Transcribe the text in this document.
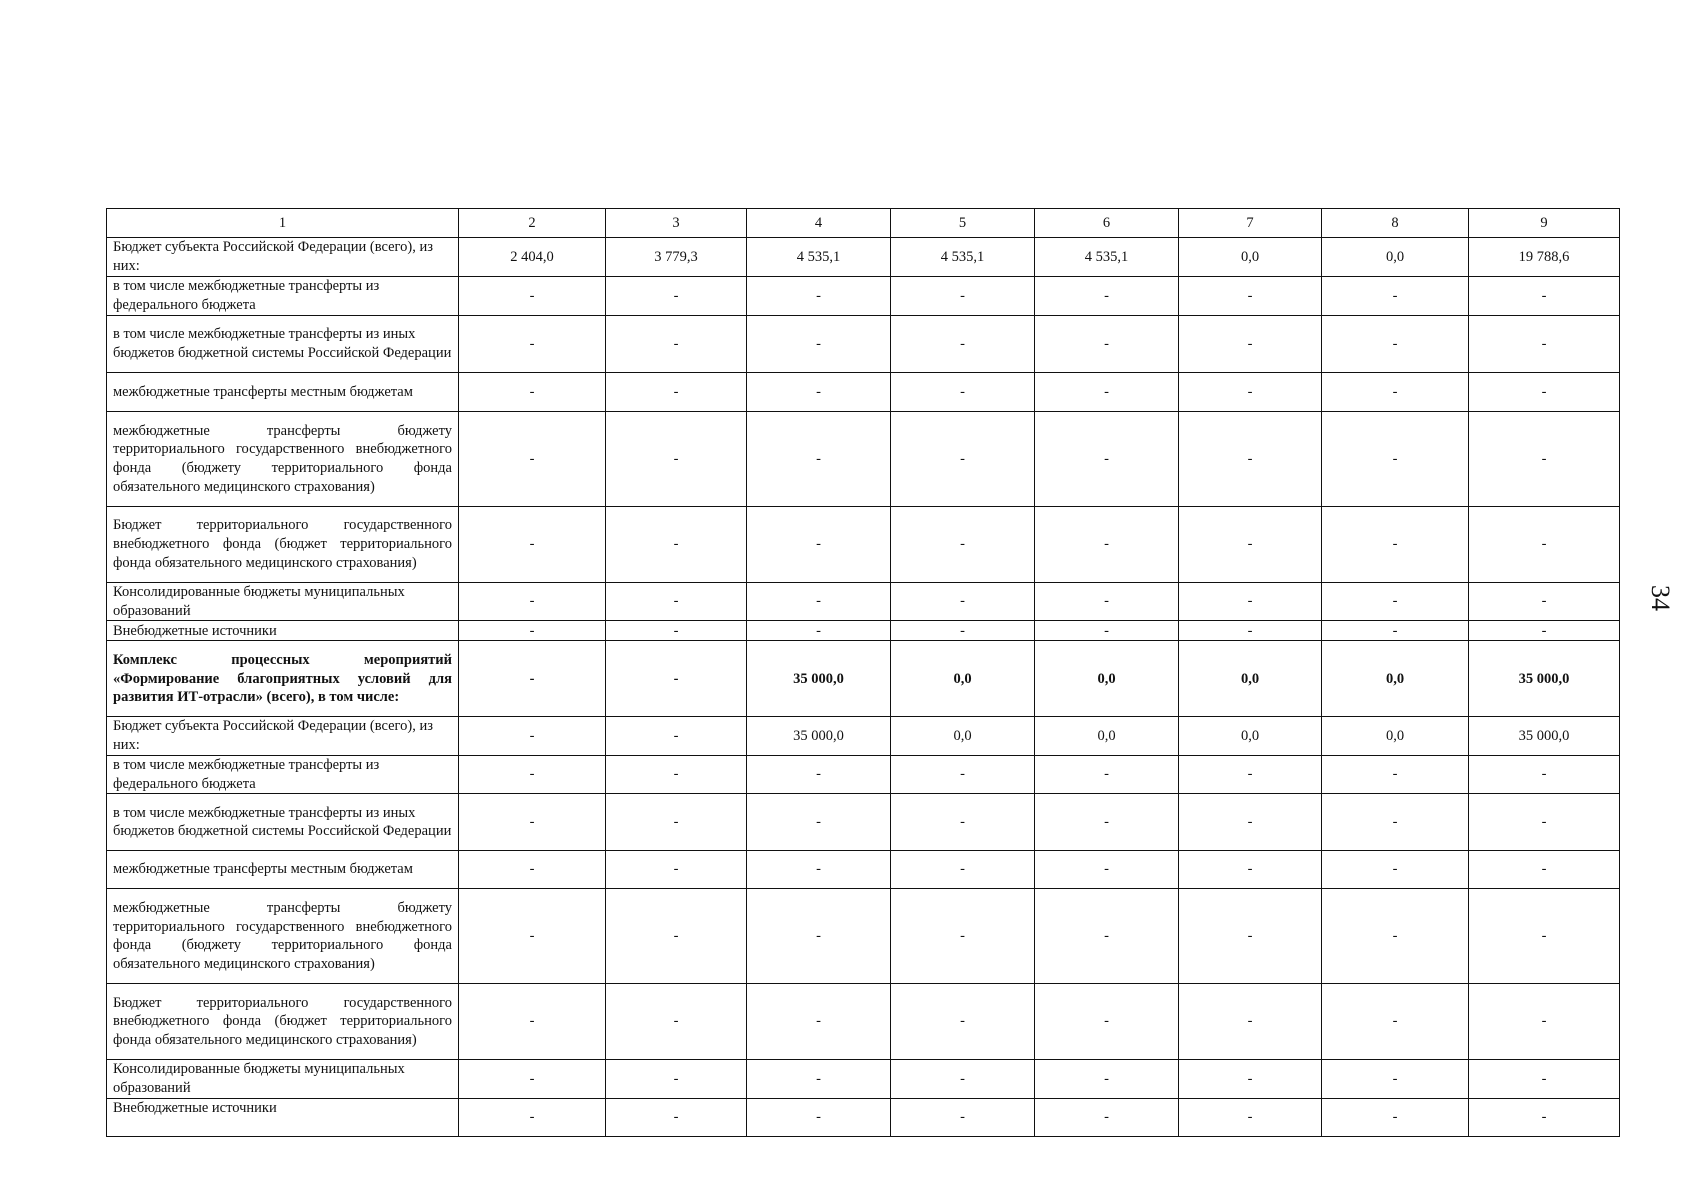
1	2	3	4	5	6	7	8	9
Бюджет субъекта Российской Федерации (всего), из них:	2 404,0	3 779,3	4 535,1	4 535,1	4 535,1	0,0	0,0	19 788,6
в том числе межбюджетные трансферты из федерального бюджета	-	-	-	-	-	-	-	-
в том числе межбюджетные трансферты из иных бюджетов бюджетной системы Российской Федерации	-	-	-	-	-	-	-	-
межбюджетные трансферты местным бюджетам	-	-	-	-	-	-	-	-
межбюджетные трансферты бюджету территориального государственного внебюджетного фонда (бюджету территориального фонда обязательного медицинского страхования)	-	-	-	-	-	-	-	-
Бюджет территориального государственного внебюджетного фонда (бюджет территориального фонда обязательного медицинского страхования)	-	-	-	-	-	-	-	-
Консолидированные бюджеты муниципальных образований	-	-	-	-	-	-	-	-
Внебюджетные источники	-	-	-	-	-	-	-	-
Комплекс процессных мероприятий «Формирование благоприятных условий для развития ИТ-отрасли» (всего), в том числе:	-	-	35 000,0	0,0	0,0	0,0	0,0	35 000,0
Бюджет субъекта Российской Федерации (всего), из них:	-	-	35 000,0	0,0	0,0	0,0	0,0	35 000,0
в том числе межбюджетные трансферты из федерального бюджета	-	-	-	-	-	-	-	-
в том числе межбюджетные трансферты из иных бюджетов бюджетной системы Российской Федерации	-	-	-	-	-	-	-	-
межбюджетные трансферты местным бюджетам	-	-	-	-	-	-	-	-
межбюджетные трансферты бюджету территориального государственного внебюджетного фонда (бюджету территориального фонда обязательного медицинского страхования)	-	-	-	-	-	-	-	-
Бюджет территориального государственного внебюджетного фонда (бюджет территориального фонда обязательного медицинского страхования)	-	-	-	-	-	-	-	-
Консолидированные бюджеты муниципальных образований	-	-	-	-	-	-	-	-
Внебюджетные источники	-	-	-	-	-	-	-	-
34
